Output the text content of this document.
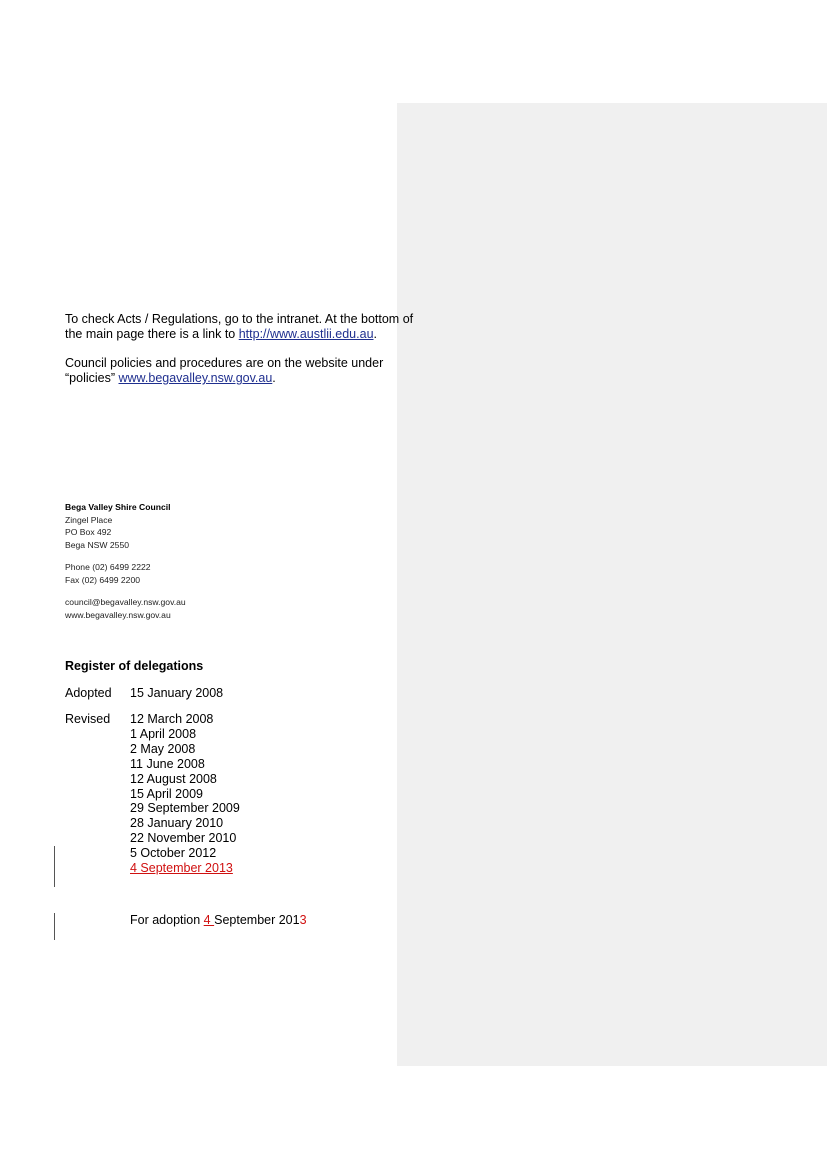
To check Acts / Regulations, go to the intranet. At the bottom of the main page there is a link to http://www.austlii.edu.au.

Council policies and procedures are on the website under “policies” www.begavalley.nsw.gov.au.

Bega Valley Shire Council
Zingel Place
PO Box 492
Bega NSW 2550
Phone (02) 6499 2222
Fax (02) 6499 2200
council@begavalley.nsw.gov.au
www.begavalley.nsw.gov.au
Register of delegations
Adopted	15 January 2008
Revised	12 March 2008
1 April 2008
2 May 2008
11 June 2008
12 August 2008
15 April 2009
29 September 2009
28 January 2010
22 November 2010
5 October 2012
4 September 2013
For adoption 4 September 2013
